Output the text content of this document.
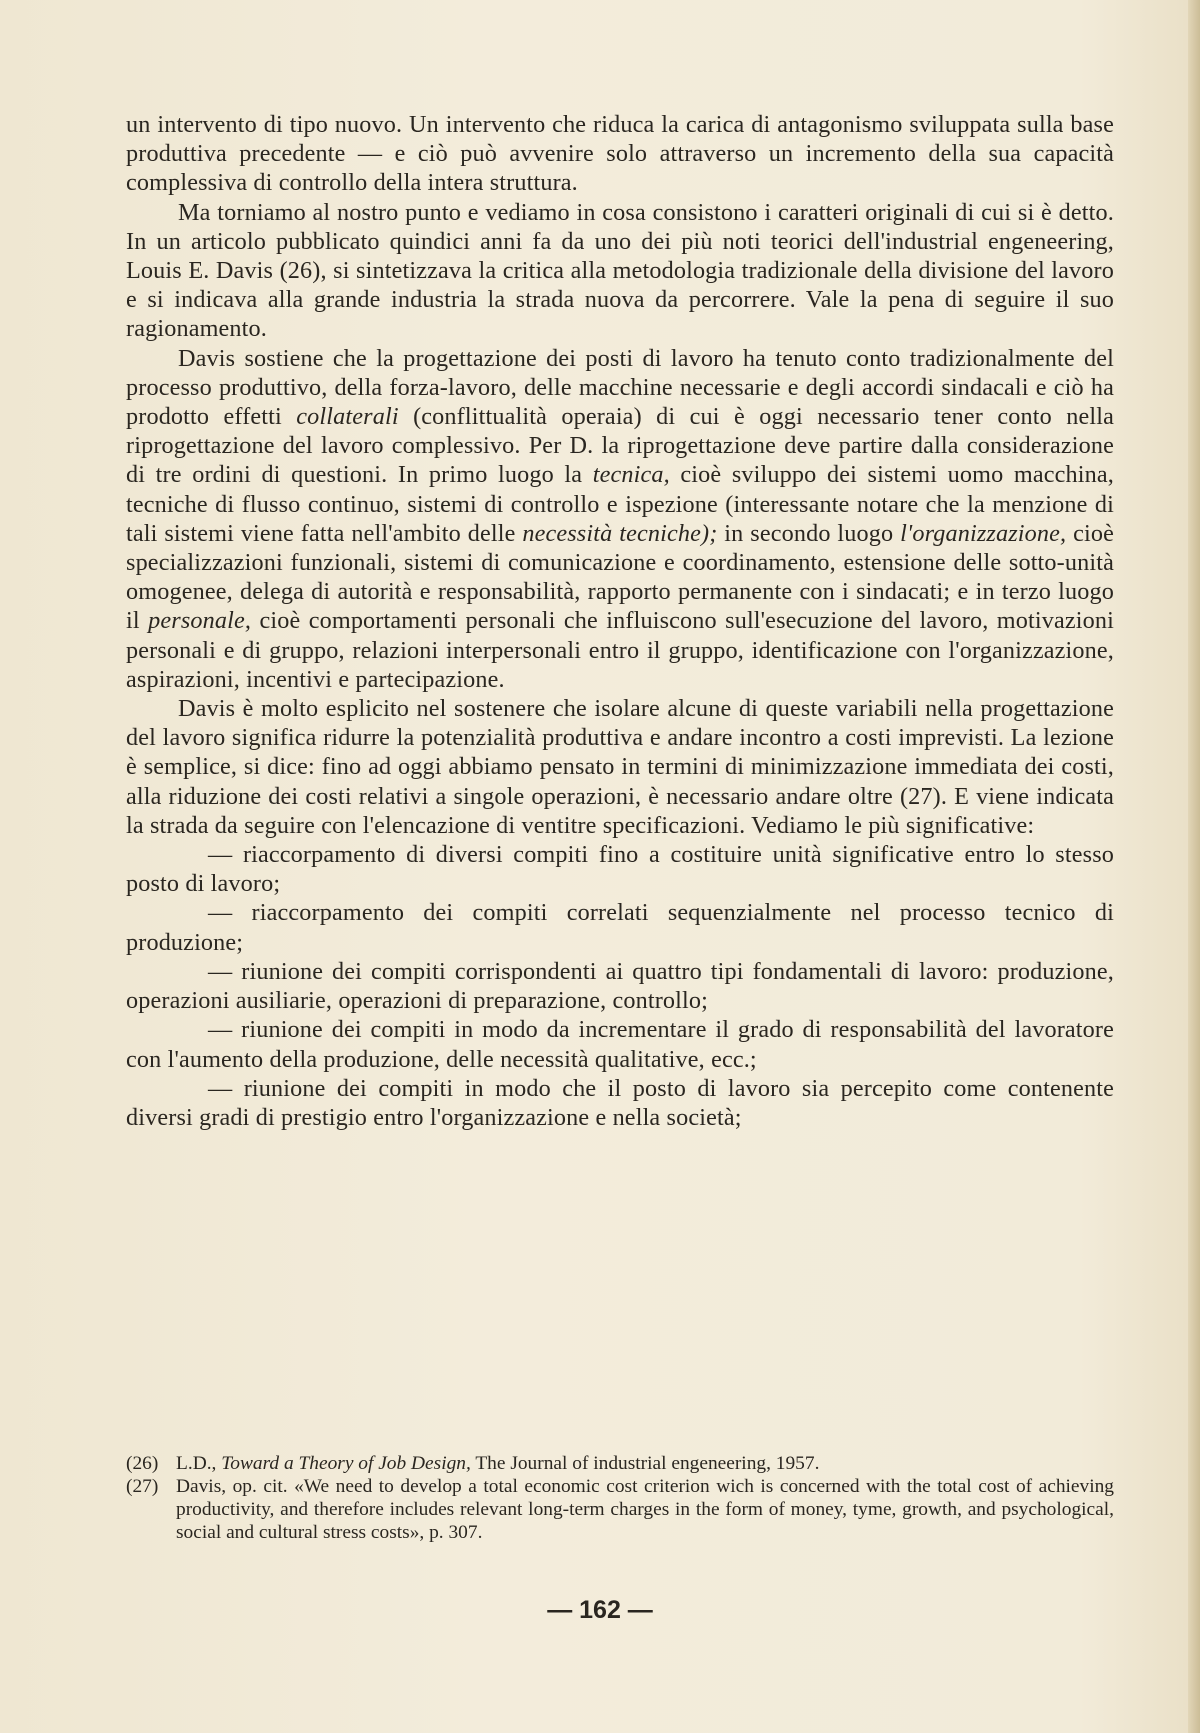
un intervento di tipo nuovo. Un intervento che riduca la carica di antagonismo sviluppata sulla base produttiva precedente — e ciò può avvenire solo attraverso un incremento della sua capacità complessiva di controllo della intera struttura.

Ma torniamo al nostro punto e vediamo in cosa consistono i caratteri originali di cui si è detto. In un articolo pubblicato quindici anni fa da uno dei più noti teorici dell'industrial engeneering, Louis E. Davis (26), si sintetizzava la critica alla metodologia tradizionale della divisione del lavoro e si indicava alla grande industria la strada nuova da percorrere. Vale la pena di seguire il suo ragionamento.

Davis sostiene che la progettazione dei posti di lavoro ha tenuto conto tradizionalmente del processo produttivo, della forza-lavoro, delle macchine necessarie e degli accordi sindacali e ciò ha prodotto effetti collaterali (conflittualità operaia) di cui è oggi necessario tener conto nella riprogettazione del lavoro complessivo. Per D. la riprogettazione deve partire dalla considerazione di tre ordini di questioni. In primo luogo la tecnica, cioè sviluppo dei sistemi uomo macchina, tecniche di flusso continuo, sistemi di controllo e ispezione (interessante notare che la menzione di tali sistemi viene fatta nell'ambito delle necessità tecniche); in secondo luogo l'organizzazione, cioè specializzazioni funzionali, sistemi di comunicazione e coordinamento, estensione delle sotto-unità omogenee, delega di autorità e responsabilità, rapporto permanente con i sindacati; e in terzo luogo il personale, cioè comportamenti personali che influiscono sull'esecuzione del lavoro, motivazioni personali e di gruppo, relazioni interpersonali entro il gruppo, identificazione con l'organizzazione, aspirazioni, incentivi e partecipazione.

Davis è molto esplicito nel sostenere che isolare alcune di queste variabili nella progettazione del lavoro significa ridurre la potenzialità produttiva e andare incontro a costi imprevisti. La lezione è semplice, si dice: fino ad oggi abbiamo pensato in termini di minimizzazione immediata dei costi, alla riduzione dei costi relativi a singole operazioni, è necessario andare oltre (27). E viene indicata la strada da seguire con l'elencazione di ventitre specificazioni. Vediamo le più significative:

— riaccorpamento di diversi compiti fino a costituire unità significative entro lo stesso posto di lavoro;

— riaccorpamento dei compiti correlati sequenzialmente nel processo tecnico di produzione;

— riunione dei compiti corrispondenti ai quattro tipi fondamentali di lavoro: produzione, operazioni ausiliarie, operazioni di preparazione, controllo;

— riunione dei compiti in modo da incrementare il grado di responsabilità del lavoratore con l'aumento della produzione, delle necessità qualitative, ecc.;

— riunione dei compiti in modo che il posto di lavoro sia percepito come contenente diversi gradi di prestigio entro l'organizzazione e nella società;

(26) L.D., Toward a Theory of Job Design, The Journal of industrial engeneering, 1957.
(27) Davis, op. cit. «We need to develop a total economic cost criterion wich is concerned with the total cost of achieving productivity, and therefore includes relevant long-term charges in the form of money, tyme, growth, and psychological, social and cultural stress costs», p. 307.
— 162 —
